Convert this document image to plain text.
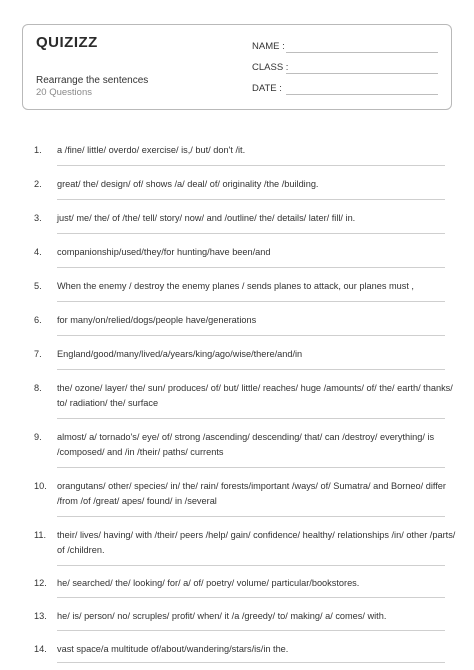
QUIZIZZ
Rearrange the sentences
20 Questions
NAME :
CLASS :
DATE :
1. a /fine/ little/ overdo/ exercise/ is,/ but/ don't /it.
2. great/ the/ design/ of/ shows /a/ deal/ of/ originality /the /building.
3. just/ me/ the/ of /the/ tell/ story/ now/ and /outline/ the/ details/ later/ fill/ in.
4. companionship/used/they/for hunting/have been/and
5. When the enemy / destroy the enemy planes / sends planes to attack, our planes must ,
6. for many/on/relied/dogs/people have/generations
7. England/good/many/lived/a/years/king/ago/wise/there/and/in
8. the/ ozone/ layer/ the/ sun/ produces/ of/ but/ little/ reaches/ huge /amounts/ of/ the/ earth/ thanks/ to/ radiation/ the/ surface
9. almost/ a/ tornado's/ eye/ of/ strong /ascending/ descending/ that/ can /destroy/ everything/ is /composed/ and /in /their/ paths/ currents
10. orangutans/ other/ species/ in/ the/ rain/ forests/important /ways/ of/ Sumatra/ and Borneo/ differ /from /of /great/ apes/ found/ in /several
11. their/ lives/ having/ with /their/ peers /help/ gain/ confidence/ healthy/ relationships /in/ other /parts/ of /children.
12. he/ searched/ the/ looking/ for/ a/ of/ poetry/ volume/ particular/bookstores.
13. he/ is/ person/ no/ scruples/ profit/ when/ it /a /greedy/ to/ making/ a/ comes/ with.
14. vast space/a multitude of/about/wandering/stars/is/in the.
